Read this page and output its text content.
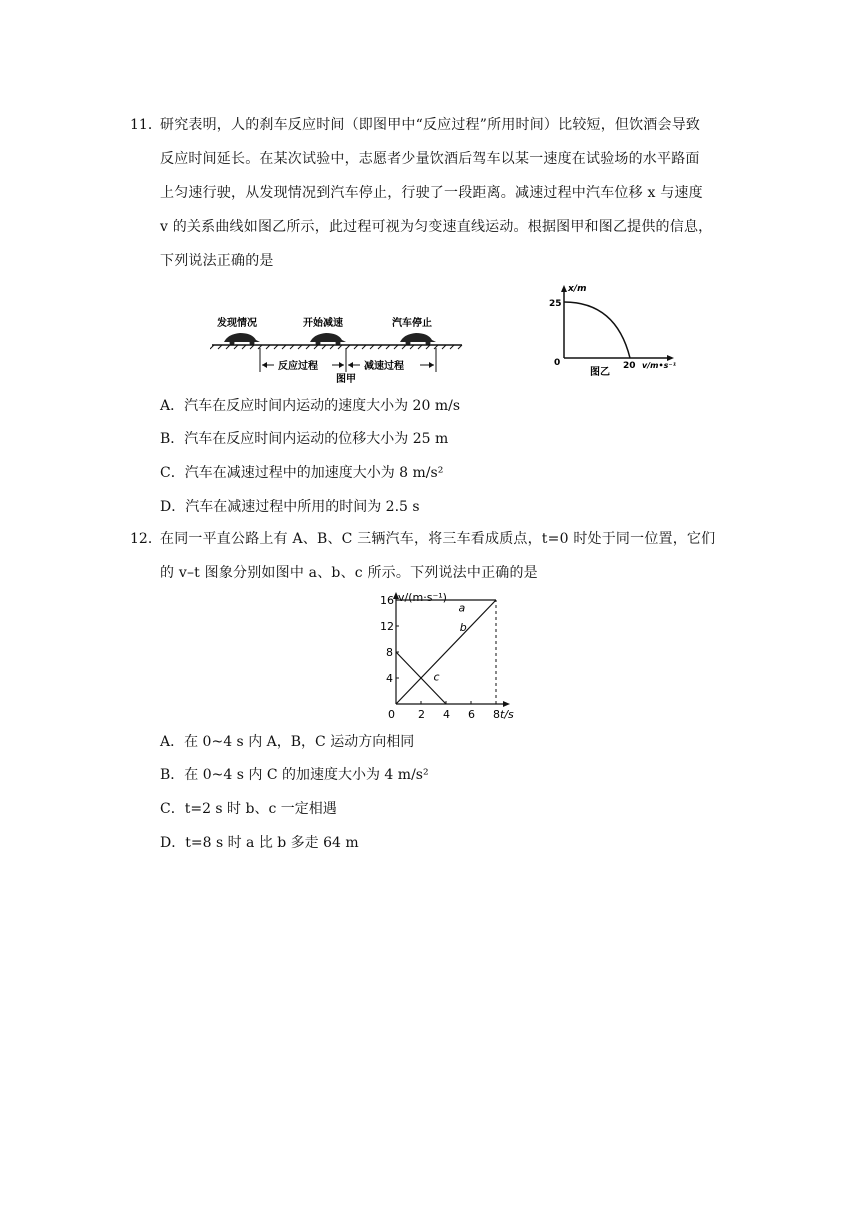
11．
研究表明，人的刹车反应时间（即图甲中“反应过程”所用时间）比较短，但饮酒会导致
反应时间延长。在某次试验中，志愿者少量饮酒后驾车以某一速度在试验场的水平路面
上匀速行驶，从发现情况到汽车停止，行驶了一段距离。减速过程中汽车位移 x 与速度
v 的关系曲线如图乙所示，此过程可视为匀变速直线运动。根据图甲和图乙提供的信息，
下列说法正确的是
发现情况	开始减速	汽车停止
反应过程	减速过程
图甲
x/m
25
0	20 v/m•s⁻¹
图乙
A．汽车在反应时间内运动的速度大小为 20 m/s
B．汽车在反应时间内运动的位移大小为 25 m
C．汽车在减速过程中的加速度大小为 8 m/s²
D．汽车在减速过程中所用的时间为 2.5 s
12．
在同一平直公路上有 A、B、C 三辆汽车，将三车看成质点，t=0 时处于同一位置，它们
的 v–t 图象分别如图中 a、b、c 所示。下列说法中正确的是
v/(m·s⁻¹)
t/s
0 2 4 6 8
4
8
12
16
a
b
c
A．在 0~4 s 内 A，B，C 运动方向相同
B．在 0~4 s 内 C 的加速度大小为 4 m/s²
C．t=2 s 时 b、c 一定相遇
D．t=8 s 时 a 比 b 多走 64 m
